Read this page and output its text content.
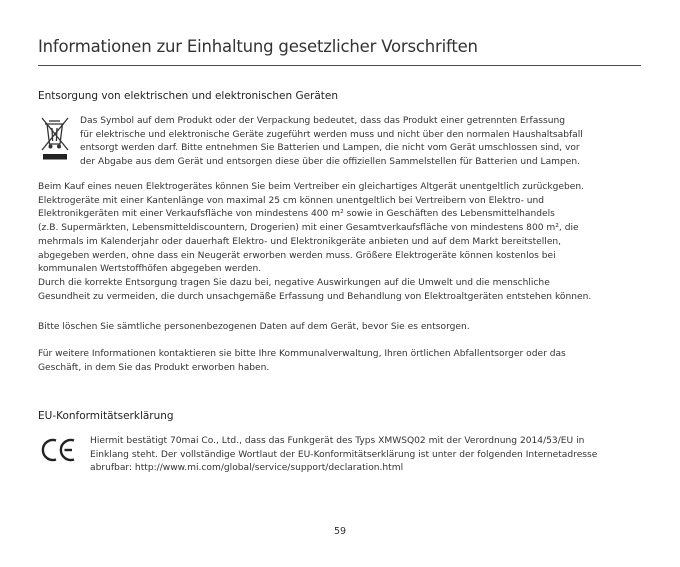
Informationen zur Einhaltung gesetzlicher Vorschriften
Entsorgung von elektrischen und elektronischen Geräten
Das Symbol auf dem Produkt oder der Verpackung bedeutet, dass das Produkt einer getrennten Erfassung
für elektrische und elektronische Geräte zugeführt werden muss und nicht über den normalen Haushaltsabfall
entsorgt werden darf. Bitte entnehmen Sie Batterien und Lampen, die nicht vom Gerät umschlossen sind, vor
der Abgabe aus dem Gerät und entsorgen diese über die offiziellen Sammelstellen für Batterien und Lampen.
Beim Kauf eines neuen Elektrogerätes können Sie beim Vertreiber ein gleichartiges Altgerät unentgeltlich zurückgeben.
Elektrogeräte mit einer Kantenlänge von maximal 25 cm können unentgeltlich bei Vertreibern von Elektro- und
Elektronikgeräten mit einer Verkaufsfläche von mindestens 400 m² sowie in Geschäften des Lebensmittelhandels
(z.B. Supermärkten, Lebensmitteldiscountern, Drogerien) mit einer Gesamtverkaufsfläche von mindestens 800 m², die
mehrmals im Kalenderjahr oder dauerhaft Elektro- und Elektronikgeräte anbieten und auf dem Markt bereitstellen,
abgegeben werden, ohne dass ein Neugerät erworben werden muss. Größere Elektrogeräte können kostenlos bei
kommunalen Wertstoffhöfen abgegeben werden.
Durch die korrekte Entsorgung tragen Sie dazu bei, negative Auswirkungen auf die Umwelt und die menschliche
Gesundheit zu vermeiden, die durch unsachgemäße Erfassung und Behandlung von Elektroaltgeräten entstehen können.
Bitte löschen Sie sämtliche personenbezogenen Daten auf dem Gerät, bevor Sie es entsorgen.
Für weitere Informationen kontaktieren sie bitte Ihre Kommunalverwaltung, Ihren örtlichen Abfallentsorger oder das
Geschäft, in dem Sie das Produkt erworben haben.
EU-Konformitätserklärung
Hiermit bestätigt 70mai Co., Ltd., dass das Funkgerät des Typs XMWSQ02 mit der Verordnung 2014/53/EU in
Einklang steht. Der vollständige Wortlaut der EU-Konformitätserklärung ist unter der folgenden Internetadresse
abrufbar: http://www.mi.com/global/service/support/declaration.html
59
